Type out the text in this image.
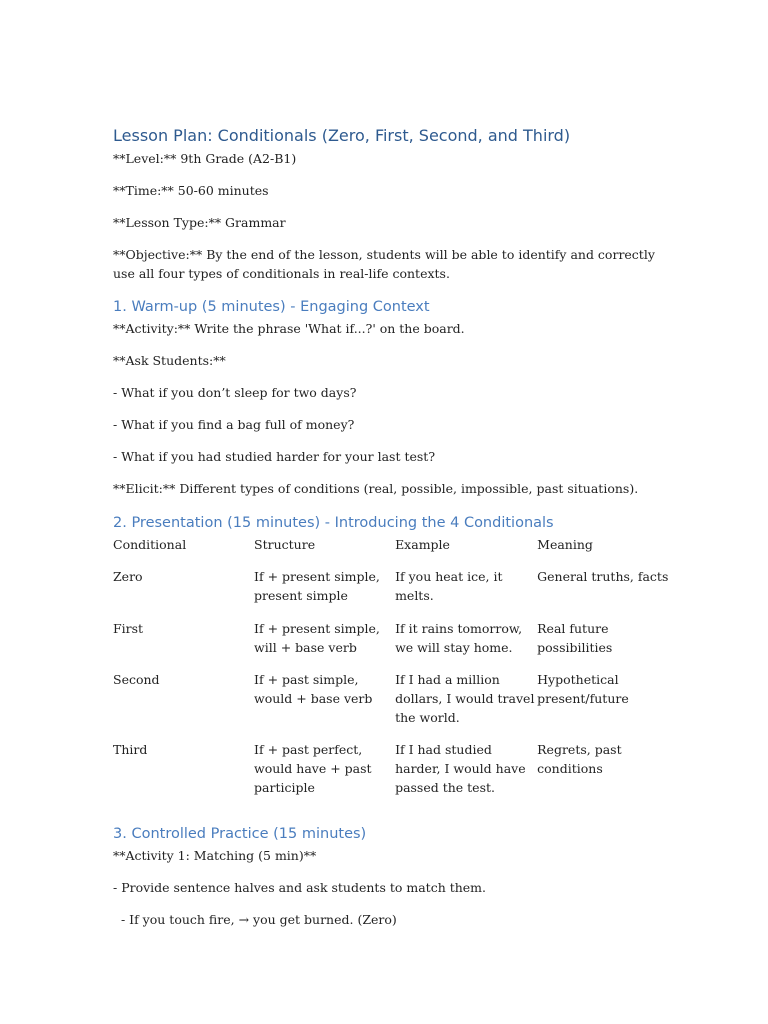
Lesson Plan: Conditionals (Zero, First, Second, and Third)

**Level:** 9th Grade (A2-B1)

**Time:** 50-60 minutes

**Lesson Type:** Grammar

**Objective:** By the end of the lesson, students will be able to identify and correctly use all four types of conditionals in real-life contexts.

1. Warm-up (5 minutes) - Engaging Context

**Activity:** Write the phrase 'What if...?' on the board.

**Ask Students:**

- What if you don’t sleep for two days?

- What if you find a bag full of money?

- What if you had studied harder for your last test?

**Elicit:** Different types of conditions (real, possible, impossible, past situations).

2. Presentation (15 minutes) - Introducing the 4 Conditionals
Conditional	Structure	Example	Meaning
Zero	If + present simple, present simple	If you heat ice, it melts.	General truths, facts
First	If + present simple, will + base verb	If it rains tomorrow, we will stay home.	Real future possibilities
Second	If + past simple, would + base verb	If I had a million dollars, I would travel the world.	Hypothetical present/future
Third	If + past perfect, would have + past participle	If I had studied harder, I would have passed the test.	Regrets, past conditions
3. Controlled Practice (15 minutes)

**Activity 1: Matching (5 min)**

- Provide sentence halves and ask students to match them.

- If you touch fire, → you get burned. (Zero)
